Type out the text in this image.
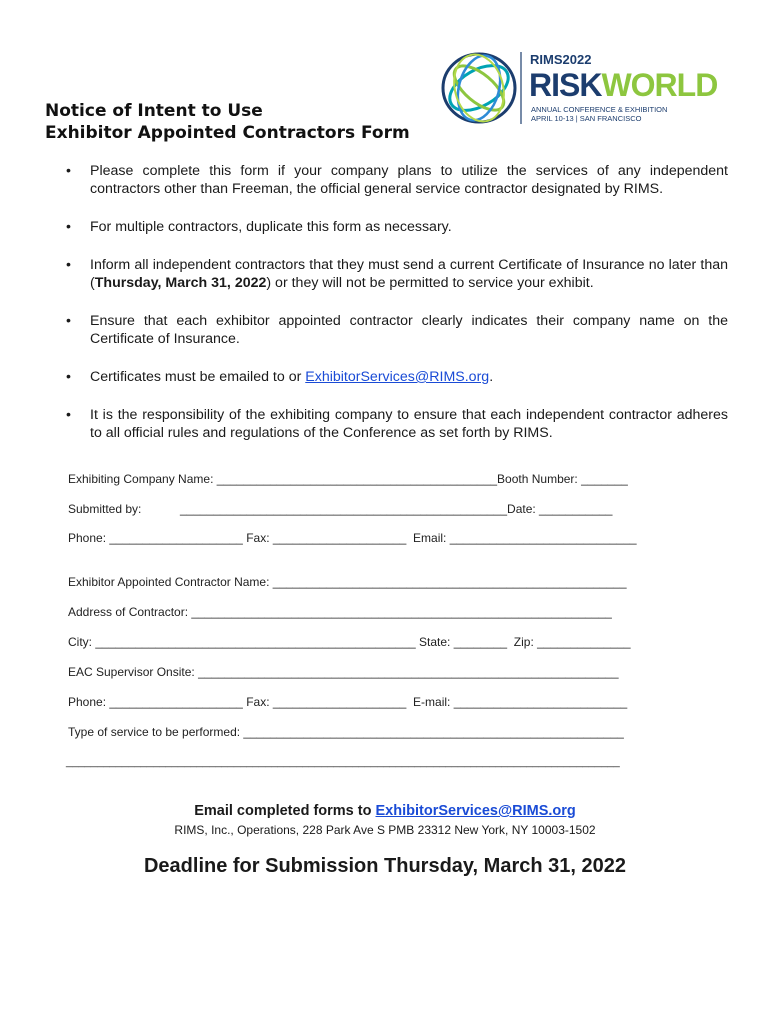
Notice of Intent to Use
Exhibitor Appointed Contractors Form
RIMS2022
RISKWORLD
ANNUAL CONFERENCE & EXHIBITION
APRIL 10-13 | SAN FRANCISCO
• Please complete this form if your company plans to utilize the services of any independent contractors other than Freeman, the official general service contractor designated by RIMS.
• For multiple contractors, duplicate this form as necessary.
• Inform all independent contractors that they must send a current Certificate of Insurance no later than (Thursday, March 31, 2022) or they will not be permitted to service your exhibit.
• Ensure that each exhibitor appointed contractor clearly indicates their company name on the Certificate of Insurance.
• Certificates must be emailed to or ExhibitorServices@RIMS.org.
• It is the responsibility of the exhibiting company to ensure that each independent contractor adheres to all official rules and regulations of the Conference as set forth by RIMS.
Exhibiting Company Name: __________________________________________Booth Number: _______
Submitted by:	_________________________________________________Date: ___________
Phone: ____________________ Fax: ____________________  Email: ____________________________
Exhibitor Appointed Contractor Name: _____________________________________________________
Address of Contractor: _______________________________________________________________
City: ________________________________________________ State: ________  Zip: ______________
EAC Supervisor Onsite: _______________________________________________________________
Phone: ____________________ Fax: ____________________  E-mail: __________________________
Type of service to be performed: _________________________________________________________
_________________________________________________________________________________________
Email completed forms to ExhibitorServices@RIMS.org
RIMS, Inc., Operations, 228 Park Ave S PMB 23312 New York, NY 10003-1502
Deadline for Submission Thursday, March 31, 2022
